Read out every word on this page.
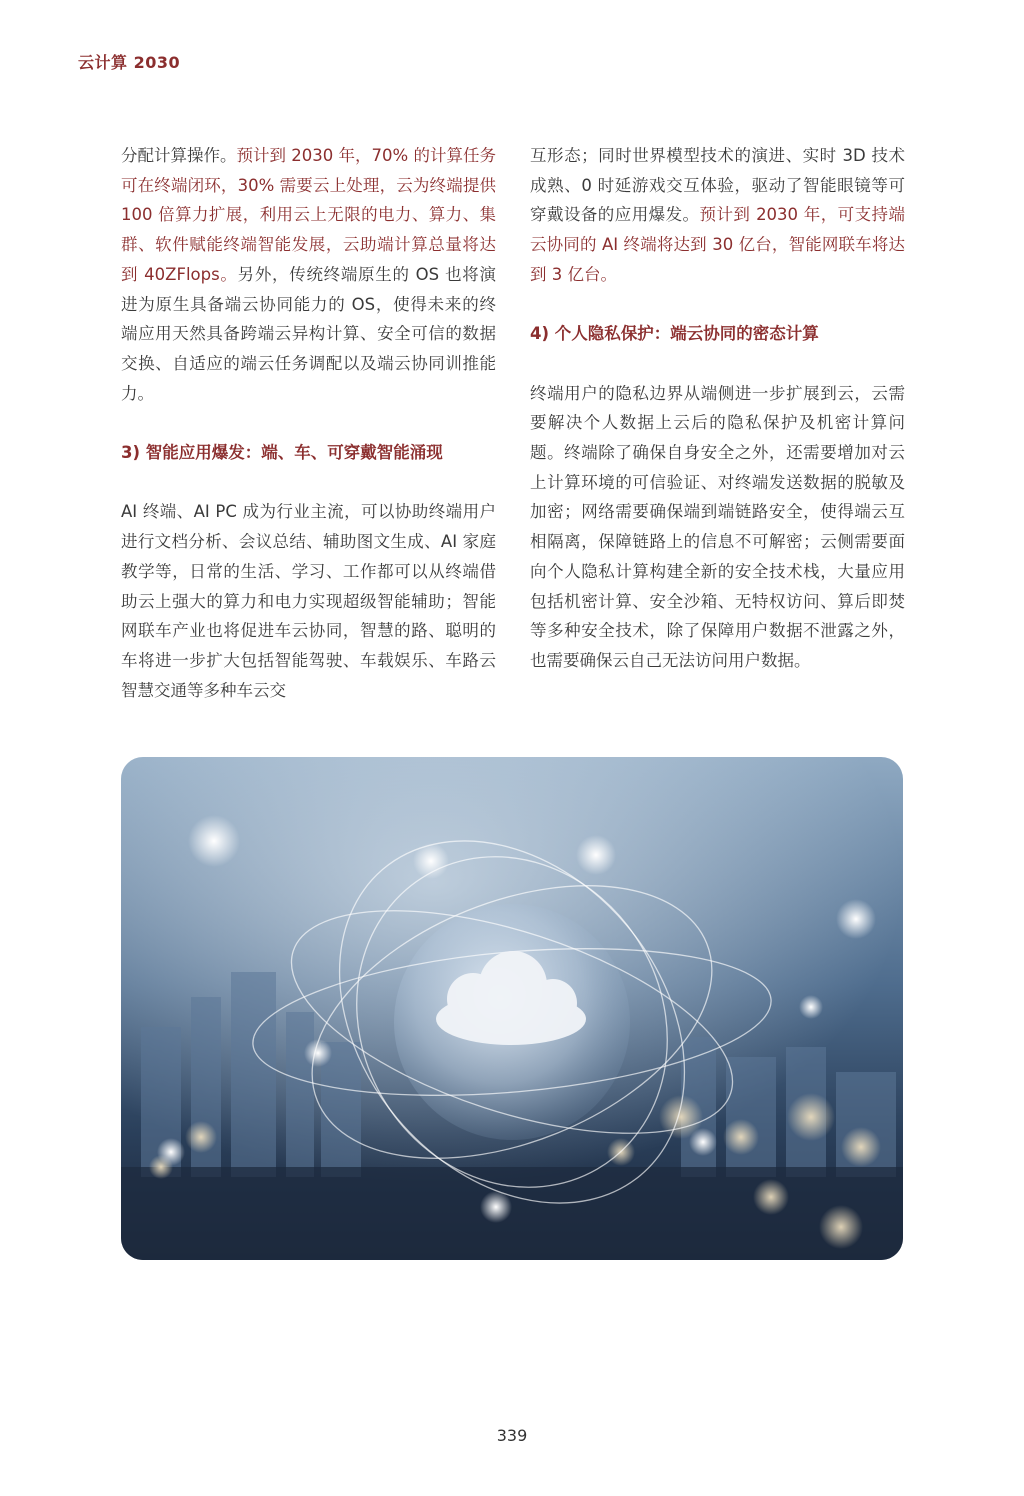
云计算 2030

分配计算操作。预计到 2030 年，70% 的计算任务可在终端闭环，30% 需要云上处理，云为终端提供 100 倍算力扩展，利用云上无限的电力、算力、集群、软件赋能终端智能发展，云助端计算总量将达到 40ZFlops。另外，传统终端原生的 OS 也将演进为原生具备端云协同能力的 OS，使得未来的终端应用天然具备跨端云异构计算、安全可信的数据交换、自适应的端云任务调配以及端云协同训推能力。

3) 智能应用爆发：端、车、可穿戴智能涌现

AI 终端、AI PC 成为行业主流，可以协助终端用户进行文档分析、会议总结、辅助图文生成、AI 家庭教学等，日常的生活、学习、工作都可以从终端借助云上强大的算力和电力实现超级智能辅助；智能网联车产业也将促进车云协同，智慧的路、聪明的车将进一步扩大包括智能驾驶、车载娱乐、车路云智慧交通等多种车云交

互形态；同时世界模型技术的演进、实时 3D 技术成熟、0 时延游戏交互体验，驱动了智能眼镜等可穿戴设备的应用爆发。预计到 2030 年，可支持端云协同的 AI 终端将达到 30 亿台，智能网联车将达到 3 亿台。

4) 个人隐私保护：端云协同的密态计算

终端用户的隐私边界从端侧进一步扩展到云，云需要解决个人数据上云后的隐私保护及机密计算问题。终端除了确保自身安全之外，还需要增加对云上计算环境的可信验证、对终端发送数据的脱敏及加密；网络需要确保端到端链路安全，使得端云互相隔离，保障链路上的信息不可解密；云侧需要面向个人隐私计算构建全新的安全技术栈，大量应用包括机密计算、安全沙箱、无特权访问、算后即焚等多种安全技术，除了保障用户数据不泄露之外，也需要确保云自己无法访问用户数据。

339
